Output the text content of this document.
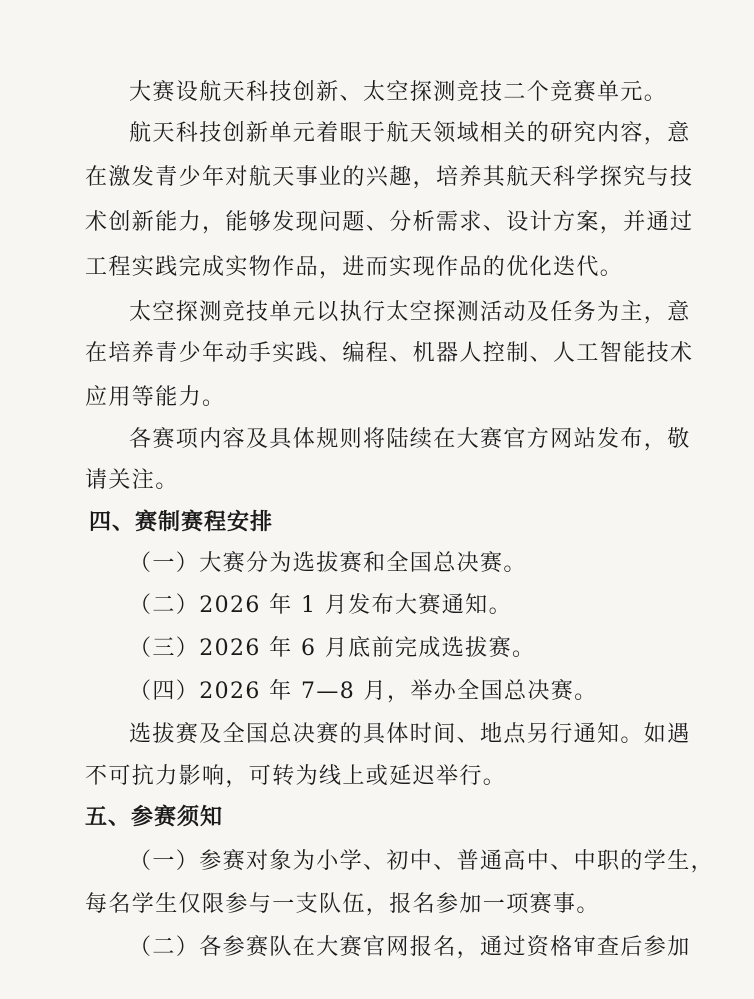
大赛设航天科技创新、太空探测竞技二个竞赛单元。
航天科技创新单元着眼于航天领域相关的研究内容，意
在激发青少年对航天事业的兴趣，培养其航天科学探究与技
术创新能力，能够发现问题、分析需求、设计方案，并通过
工程实践完成实物作品，进而实现作品的优化迭代。
太空探测竞技单元以执行太空探测活动及任务为主，意
在培养青少年动手实践、编程、机器人控制、人工智能技术
应用等能力。
各赛项内容及具体规则将陆续在大赛官方网站发布，敬
请关注。
四、赛制赛程安排
（一）大赛分为选拔赛和全国总决赛。
（二）2026 年 1 月发布大赛通知。
（三）2026 年 6 月底前完成选拔赛。
（四）2026 年 7—8 月，举办全国总决赛。
选拔赛及全国总决赛的具体时间、地点另行通知。如遇
不可抗力影响，可转为线上或延迟举行。
五、参赛须知
（一）参赛对象为小学、初中、普通高中、中职的学生，
每名学生仅限参与一支队伍，报名参加一项赛事。
（二）各参赛队在大赛官网报名，通过资格审查后参加
